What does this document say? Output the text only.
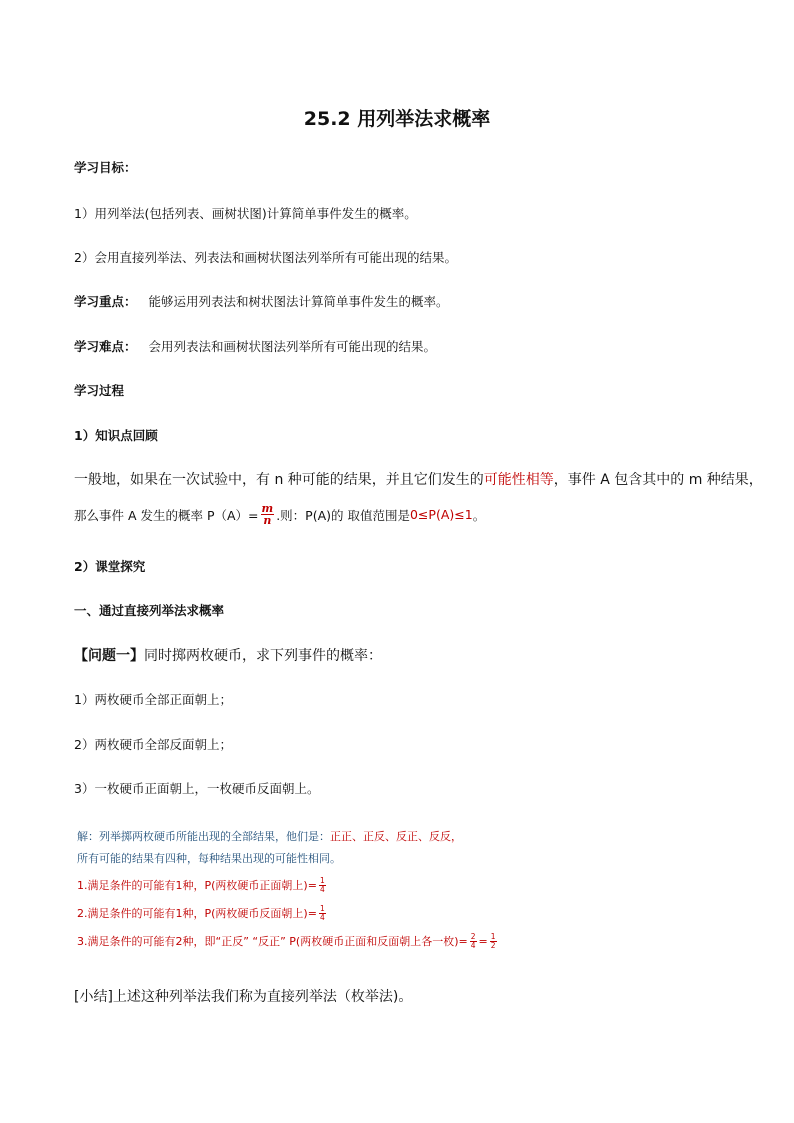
25.2 用列举法求概率
学习目标：
1）用列举法(包括列表、画树状图)计算简单事件发生的概率。
2）会用直接列举法、列表法和画树状图法列举所有可能出现的结果。
学习重点： 能够运用列表法和树状图法计算简单事件发生的概率。
学习难点： 会用列表法和画树状图法列举所有可能出现的结果。
学习过程
1）知识点回顾
一般地，如果在一次试验中，有 n 种可能的结果，并且它们发生的可能性相等，事件 A 包含其中的 m 种结果，
那么事件 A 发生的概率 $P(A)= \frac{m}{n}$ .则：P(A)的 取值范围是 0≤P(A)≤1 。
2）课堂探究
一、通过直接列举法求概率
【问题一】同时掷两枚硬币，求下列事件的概率：
1）两枚硬币全部正面朝上；
2）两枚硬币全部反面朝上；
3）一枚硬币正面朝上，一枚硬币反面朝上。
解：列举掷两枚硬币所能出现的全部结果，他们是：正正、正反、反正、反反，
所有可能的结果有四种，每种结果出现的可能性相同。
1.满足条件的可能有1种，P(两枚硬币正面朝上)= $\frac{1}{4}$
2.满足条件的可能有1种，P(两枚硬币反面朝上)= $\frac{1}{4}$
3.满足条件的可能有2种，即“正反” “反正” P(两枚硬币正面和反面朝上各一枚)= $\frac{2}{4} = \frac{1}{2}$
[小结]上述这种列举法我们称为直接列举法（枚举法)。
